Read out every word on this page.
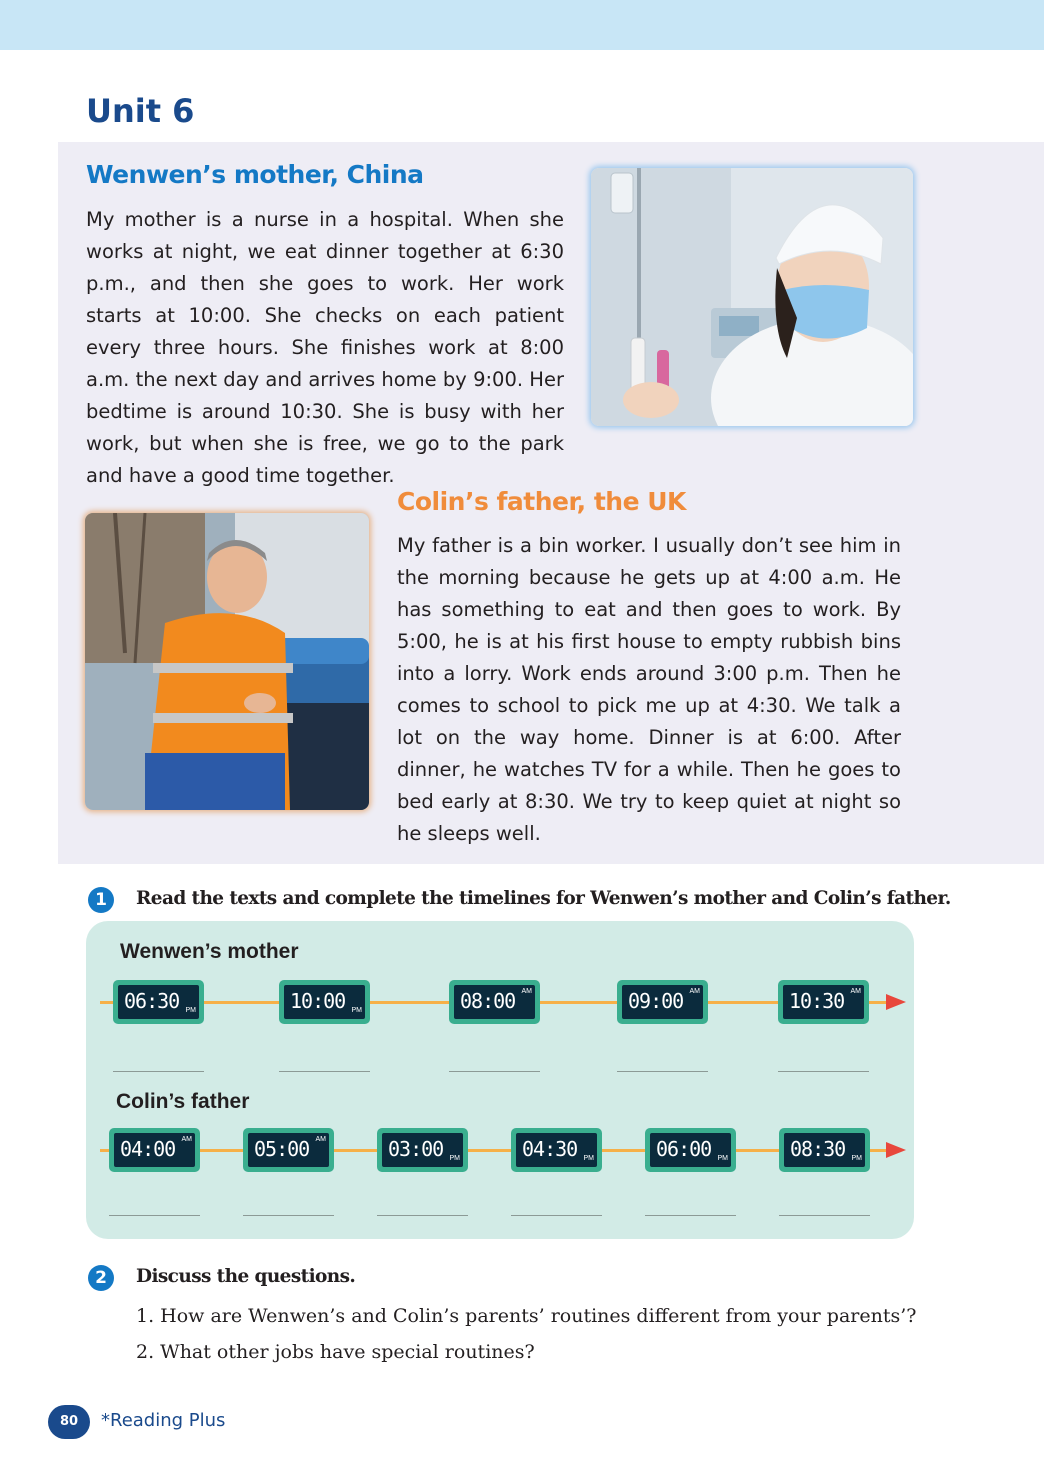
Unit 6
Wenwen’s mother, China

My mother is a nurse in a hospital. When she works at night, we eat dinner together at 6:30 p.m., and then she goes to work. Her work starts at 10:00. She checks on each patient every three hours. She finishes work at 8:00 a.m. the next day and arrives home by 9:00. Her bedtime is around 10:30. She is busy with her work, but when she is free, we go to the park and have a good time together.

Colin’s father, the UK

My father is a bin worker. I usually don’t see him in the morning because he gets up at 4:00 a.m. He has something to eat and then goes to work. By 5:00, he is at his first house to empty rubbish bins into a lorry. Work ends around 3:00 p.m. Then he comes to school to pick me up at 4:30. We talk a lot on the way home. Dinner is at 6:00. After dinner, he watches TV for a while. Then he goes to bed early at 8:30. We try to keep quiet at night so he sleeps well.

1	Read the texts and complete the timelines for Wenwen’s mother and Colin’s father.

Wenwen’s mother

06:30 PM	10:00 PM	08:00 AM	09:00 AM	10:30 AM

Colin’s father

04:00 AM	05:00 AM	03:00 PM	04:30 PM	06:00 PM	08:30 PM
2	Discuss the questions.

1. How are Wenwen’s and Colin’s parents’ routines different from your parents’?

2. What other jobs have special routines?

80	*Reading Plus
